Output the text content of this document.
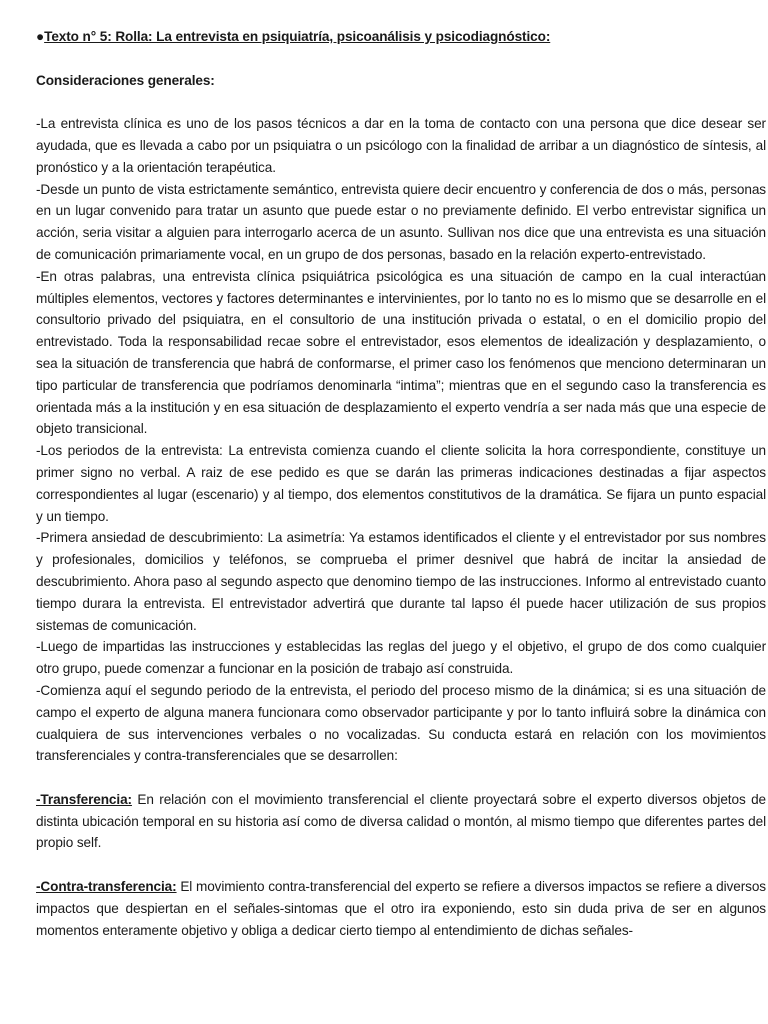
●Texto n° 5: Rolla: La entrevista en psiquiatría, psicoanálisis y psicodiagnóstico:

Consideraciones generales:

-La entrevista clínica es uno de los pasos técnicos a dar en la toma de contacto con una persona que dice desear ser ayudada, que es llevada a cabo por un psiquiatra o un psicólogo con la finalidad de arribar a un diagnóstico de síntesis, al pronóstico y a la orientación terapéutica.

-Desde un punto de vista estrictamente semántico, entrevista quiere decir encuentro y conferencia de dos o más, personas en un lugar convenido para tratar un asunto que puede estar o no previamente definido. El verbo entrevistar significa un acción, seria visitar a alguien para interrogarlo acerca de un asunto. Sullivan nos dice que una entrevista es una situación de comunicación primariamente vocal, en un grupo de dos personas, basado en la relación experto-entrevistado.

-En otras palabras, una entrevista clínica psiquiátrica psicológica es una situación de campo en la cual interactúan múltiples elementos, vectores y factores determinantes e intervinientes, por lo tanto no es lo mismo que se desarrolle en el consultorio privado del psiquiatra, en el consultorio de una institución privada o estatal, o en el domicilio propio del entrevistado. Toda la responsabilidad recae sobre el entrevistador, esos elementos de idealización y desplazamiento, o sea la situación de transferencia que habrá de conformarse, el primer caso los fenómenos que menciono determinaran un tipo particular de transferencia que podríamos denominarla “intima”; mientras que en el segundo caso la transferencia es orientada más a la institución y en esa situación de desplazamiento el experto vendría a ser nada más que una especie de objeto transicional.

-Los periodos de la entrevista: La entrevista comienza cuando el cliente solicita la hora correspondiente, constituye un primer signo no verbal. A raiz de ese pedido es que se darán las primeras indicaciones destinadas a fijar aspectos correspondientes al lugar (escenario) y al tiempo, dos elementos constitutivos de la dramática. Se fijara un punto espacial y un tiempo.

-Primera ansiedad de descubrimiento: La asimetría: Ya estamos identificados el cliente y el entrevistador por sus nombres y profesionales, domicilios y teléfonos, se comprueba el primer desnivel que habrá de incitar la ansiedad de descubrimiento. Ahora paso al segundo aspecto que denomino tiempo de las instrucciones. Informo al entrevistado cuanto tiempo durara la entrevista. El entrevistador advertirá que durante tal lapso él puede hacer utilización de sus propios sistemas de comunicación.

-Luego de impartidas las instrucciones y establecidas las reglas del juego y el objetivo, el grupo de dos como cualquier otro grupo, puede comenzar a funcionar en la posición de trabajo así construida.

-Comienza aquí el segundo periodo de la entrevista, el periodo del proceso mismo de la dinámica; si es una situación de campo el experto de alguna manera funcionara como observador participante y por lo tanto influirá sobre la dinámica con cualquiera de sus intervenciones verbales o no vocalizadas. Su conducta estará en relación con los movimientos transferenciales y contra-transferenciales que se desarrollen:

-Transferencia: En relación con el movimiento transferencial el cliente proyectará sobre el experto diversos objetos de distinta ubicación temporal en su historia así como de diversa calidad o montón, al mismo tiempo que diferentes partes del propio self.

-Contra-transferencia: El movimiento contra-transferencial del experto se refiere a diversos impactos se refiere a diversos impactos que despiertan en el señales-sintomas que el otro ira exponiendo, esto sin duda priva de ser en algunos momentos enteramente objetivo y obliga a dedicar cierto tiempo al entendimiento de dichas señales-
